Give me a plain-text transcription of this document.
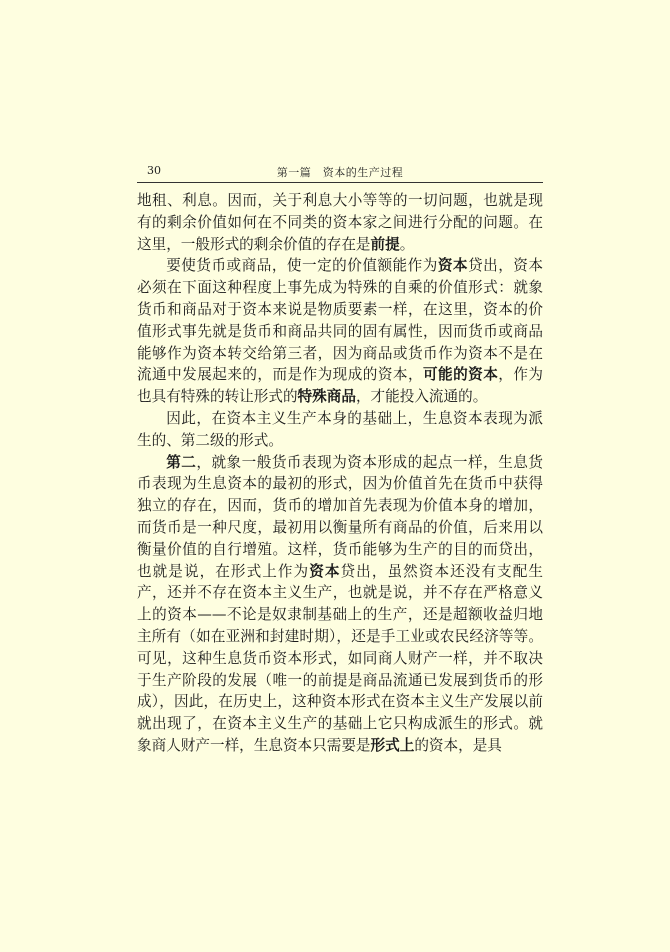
30	第一篇　资本的生产过程

地租、利息。因而，关于利息大小等等的一切问题，也就是现有的剩余价值如何在不同类的资本家之间进行分配的问题。在这里，一般形式的剩余价值的存在是前提。

要使货币或商品，使一定的价值额能作为资本贷出，资本必须在下面这种程度上事先成为特殊的自乘的价值形式：就象货币和商品对于资本来说是物质要素一样，在这里，资本的价值形式事先就是货币和商品共同的固有属性，因而货币或商品能够作为资本转交给第三者，因为商品或货币作为资本不是在流通中发展起来的，而是作为现成的资本，可能的资本，作为也具有特殊的转让形式的特殊商品，才能投入流通的。

因此，在资本主义生产本身的基础上，生息资本表现为派生的、第二级的形式。

第二，就象一般货币表现为资本形成的起点一样，生息货币表现为生息资本的最初的形式，因为价值首先在货币中获得独立的存在，因而，货币的增加首先表现为价值本身的增加，而货币是一种尺度，最初用以衡量所有商品的价值，后来用以衡量价值的自行增殖。这样，货币能够为生产的目的而贷出，也就是说，在形式上作为资本贷出，虽然资本还没有支配生产，还并不存在资本主义生产，也就是说，并不存在严格意义上的资本——不论是奴隶制基础上的生产，还是超额收益归地主所有（如在亚洲和封建时期），还是手工业或农民经济等等。可见，这种生息货币资本形式，如同商人财产一样，并不取决于生产阶段的发展（唯一的前提是商品流通已发展到货币的形成），因此，在历史上，这种资本形式在资本主义生产发展以前就出现了，在资本主义生产的基础上它只构成派生的形式。就象商人财产一样，生息资本只需要是形式上的资本，是具
